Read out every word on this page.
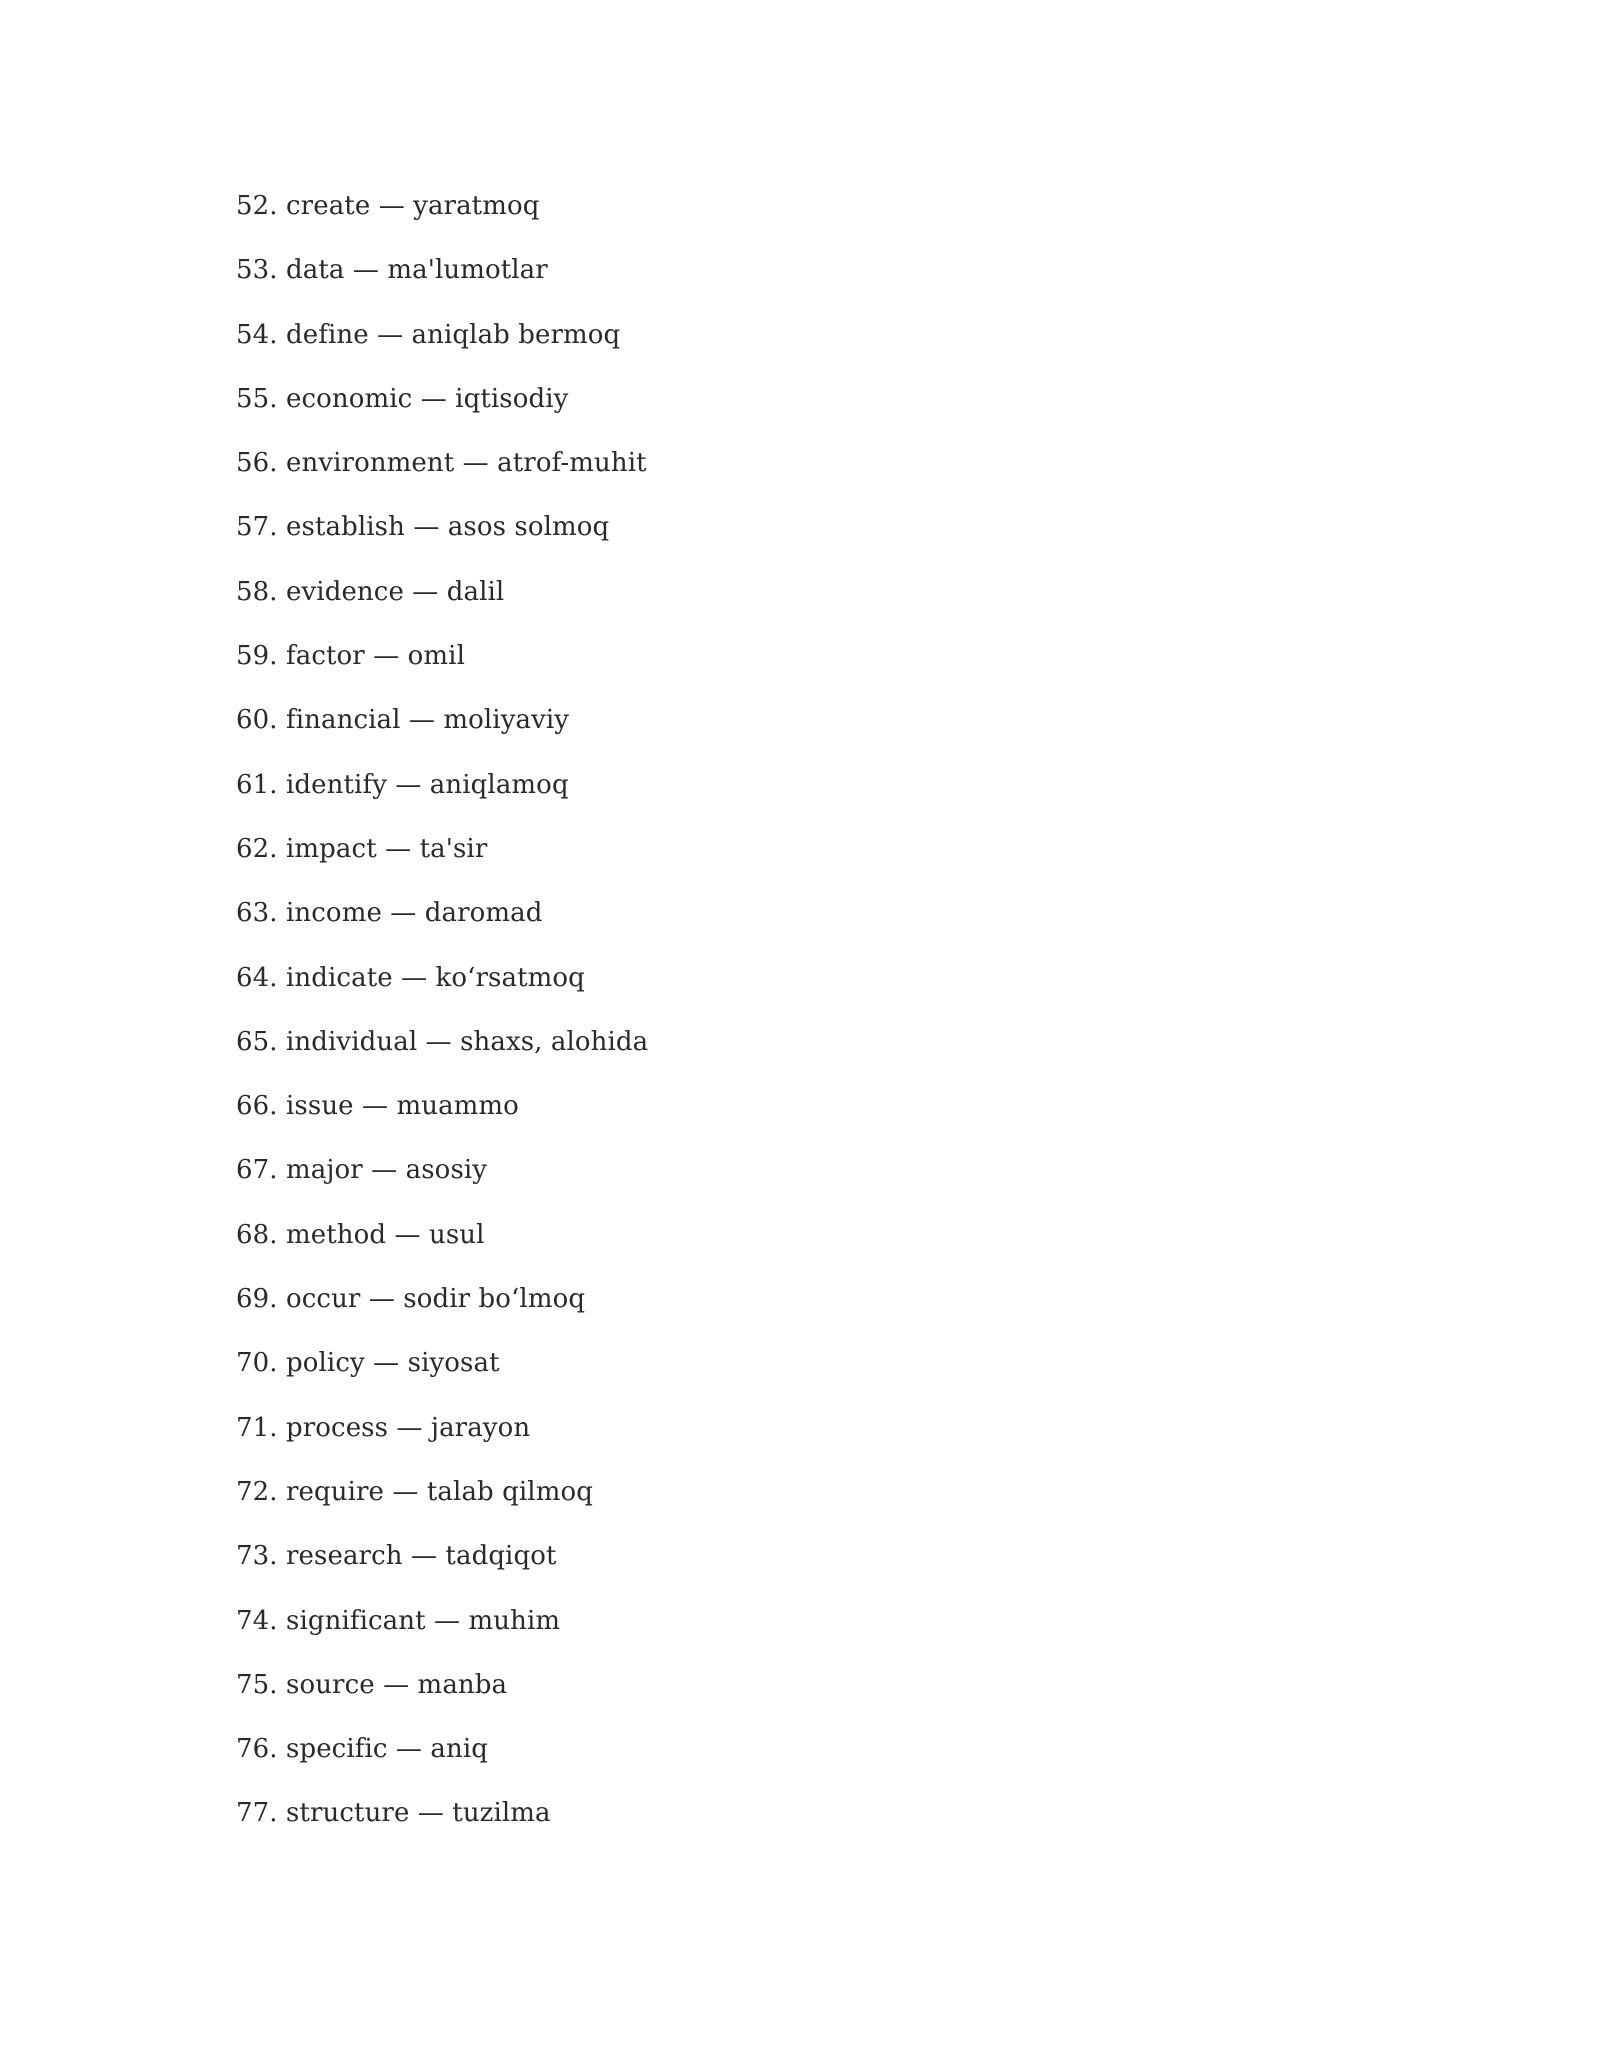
52. create — yaratmoq
53. data — ma'lumotlar
54. define — aniqlab bermoq
55. economic — iqtisodiy
56. environment — atrof-muhit
57. establish — asos solmoq
58. evidence — dalil
59. factor — omil
60. financial — moliyaviy
61. identify — aniqlamoq
62. impact — ta'sir
63. income — daromad
64. indicate — ko‘rsatmoq
65. individual — shaxs, alohida
66. issue — muammo
67. major — asosiy
68. method — usul
69. occur — sodir bo‘lmoq
70. policy — siyosat
71. process — jarayon
72. require — talab qilmoq
73. research — tadqiqot
74. significant — muhim
75. source — manba
76. specific — aniq
77. structure — tuzilma
